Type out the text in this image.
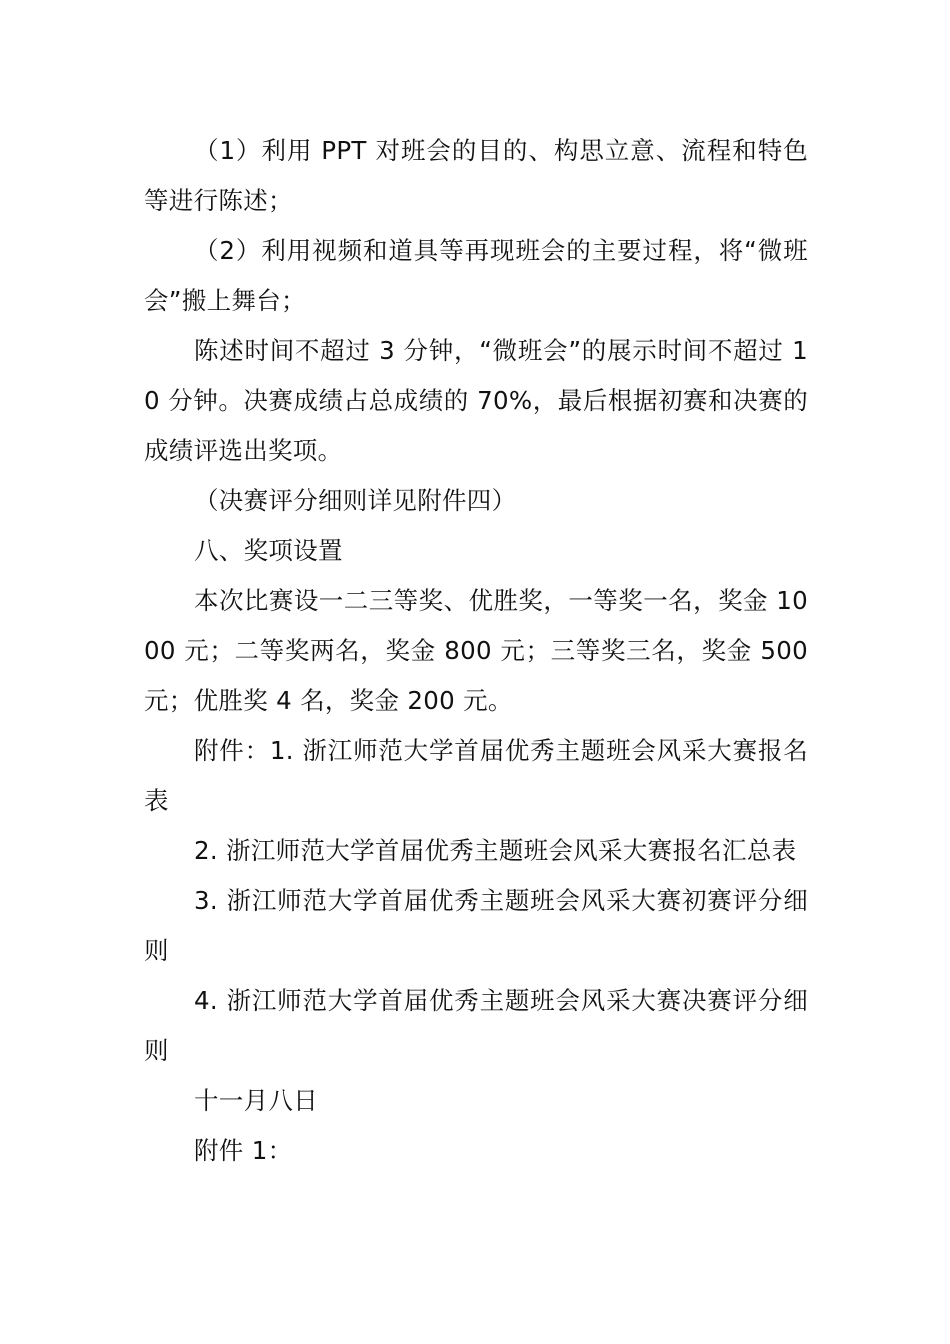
（1）利用 PPT 对班会的目的、构思立意、流程和特色等进行陈述；

（2）利用视频和道具等再现班会的主要过程，将“微班会”搬上舞台；

陈述时间不超过 3 分钟，“微班会”的展示时间不超过 10 分钟。决赛成绩占总成绩的 70%，最后根据初赛和决赛的成绩评选出奖项。

（决赛评分细则详见附件四）

八、奖项设置

本次比赛设一二三等奖、优胜奖，一等奖一名，奖金 1000 元；二等奖两名，奖金 800 元；三等奖三名，奖金 500 元；优胜奖 4 名，奖金 200 元。

附件：1. 浙江师范大学首届优秀主题班会风采大赛报名表

2. 浙江师范大学首届优秀主题班会风采大赛报名汇总表

3. 浙江师范大学首届优秀主题班会风采大赛初赛评分细则

4. 浙江师范大学首届优秀主题班会风采大赛决赛评分细则

十一月八日

附件 1：
